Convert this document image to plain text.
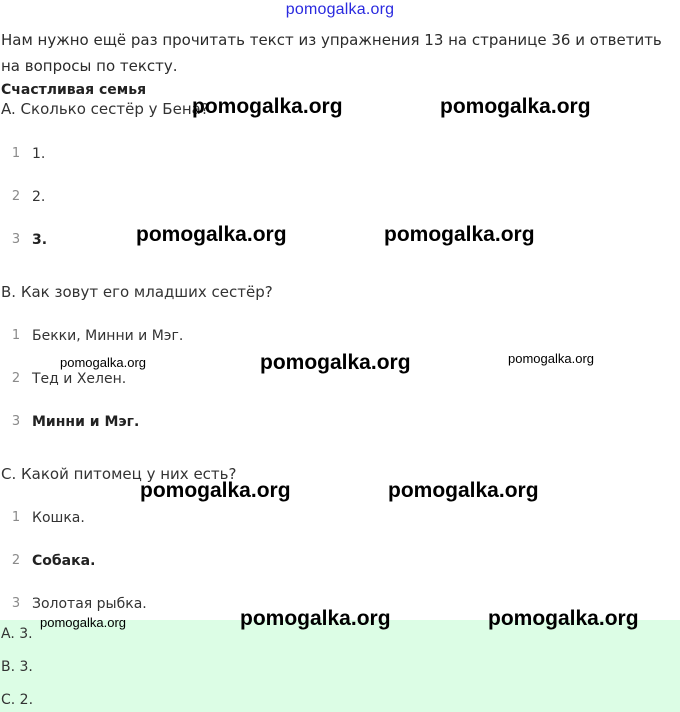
pomogalka.org
Нам нужно ещё раз прочитать текст из упражнения 13 на странице 36 и ответить на вопросы по тексту.
Счастливая семья
A. Сколько сестёр у Бена?
1 1.
2 2.
3 3.
B. Как зовут его младших сестёр?
1 Бекки, Минни и Мэг.
2 Тед и Хелен.
3 Минни и Мэг.
C. Какой питомец у них есть?
1 Кошка.
2 Собака.
3 Золотая рыбка.
A. 3.
B. 3.
C. 2.
pomogalka.org	pomogalka.org
pomogalka.org	pomogalka.org
pomogalka.org	pomogalka.org	pomogalka.org
pomogalka.org	pomogalka.org
pomogalka.org	pomogalka.org	pomogalka.org
